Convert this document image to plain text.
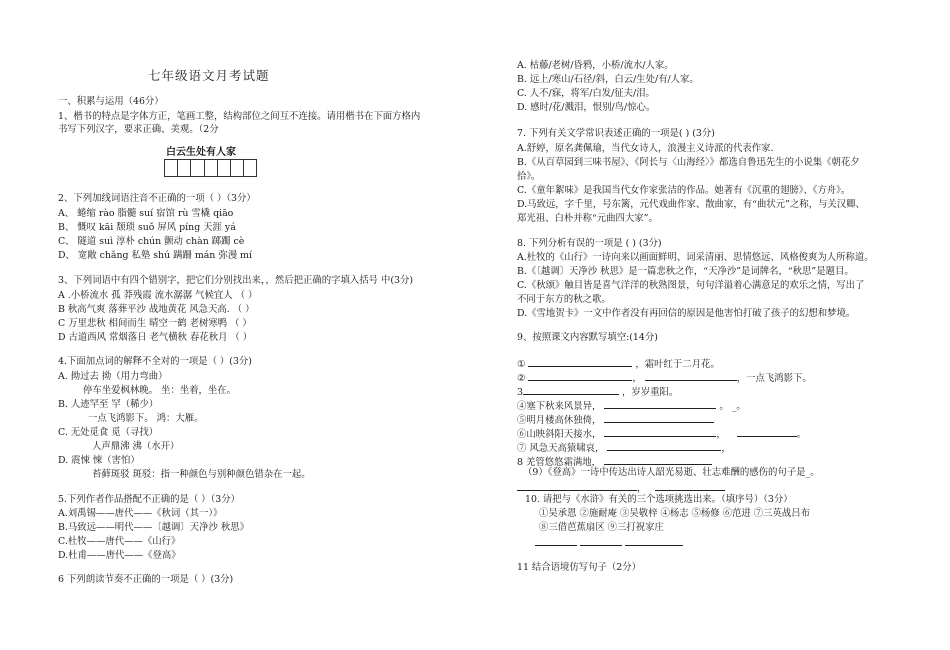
七年级语文月考试题
一、积累与运用（46分）
1、楷书的特点是字体方正，笔画工整，结构部位之间互不连接。请用楷书在下面方格内
书写下列汉字，要求正确、美观。（2分
白云生处有人家
2、下列加线词语注音不正确的一项（ ）（3分）
A、 蜷缩 ràо 脂髓 suí 宿馆 rù 雪橇 qiāo
B、 慨叹 kāi 颓琐 suǒ 屏风 píng 天涯 yá
C、 隧道 suì 淳朴 chún 颤动 chàn 踯躅 cè
D、 宽敞 chǎng 私塾 shú 蹒跚 mán 弥漫 mí
3、下列词语中有四个错别字，把它们分别找出来，，然后把正确的字填入括号 中(3分)
A .小桥流水 孤 莽残霞 流水潺潺 气候宜人 （ ）
B 秋高气爽 落葬平沙 战地黄花 风急天高. （ ）
C 万里悲秋 相间而生 晴空一鹤 老树寒鸭 （ ）
D 古道西风 常烟落日 老气横秋 春花秋月 （ ）
4.下面加点词的解释不全对的一项是（ ）(3分)
A. 拗过去 拗（用力弯曲）
停车坐爱枫林晚。 坐：坐着，坐在。
B. 人迹罕至 罕（稀少）
一点飞鸿影下。 鸿：大雁。
C. 无处觅食 觅（寻找）
人声鼎沸 沸（水开）
D. 震悚 悚（害怕）
苔藓斑驳 斑驳：指一种颜色与别种颜色错杂在一起。
5.下列作者作品搭配不正确的是（ ）（3分）
A.刘禹锡——唐代——《秋词（其一）》
B.马致远——明代——〔越调〕天净沙 秋思》
C.杜牧——唐代——《山行》
D.杜甫——唐代——《登高》
6 下列朗读节奏不正确的一项是（ ）(3分)
A. 枯藤/老树/昏鸦，小桥/流水/人家。
B. 远上/寒山/石径/斜，白云/生处/有/人家。
C. 人不/寐，将军/白发/征夫/泪。
D. 感时/花/溅泪，恨别/鸟/惊心。
7. 下列有关文学常识表述正确的一项是( ) (3分)
A.舒婷，原名龚佩瑜，当代女诗人，浪漫主义诗派的代表作家.
B.《从百草园到三味书屋》、《阿长与〈山海经〉》都选自鲁迅先生的小说集《朝花夕
拾》。
C.《童年絮味》是我国当代女作家张洁的作品。她著有《沉重的翅膀》、《方舟》。
D.马致远，字千里，号东篱，元代戏曲作家、散曲家，有“曲状元”之称，与关汉卿、
郑光祖、白朴并称“元曲四大家”。
8. 下列分析有误的一项是 ( ) (3分)
A.杜牧的《山行》一诗向来以画面鲜明、词采清丽、思情悠远、风格俊爽为人所称道。
B.《〔越调〕天净沙 秋思》是一篇悲秋之作，“天净沙”是词牌名，“秋思”是题目。
C.《秋颂》触目皆是喜气洋洋的秋熟图景，句句洋溢着心满意足的欢乐之情，写出了
不同于东方的秋之歌。
D.《雪地贺卡》一文中作者没有再回信的原因是他害怕打破了孩子的幻想和梦境。
9、按照课文内容默写填空:(14分)
①	，霜叶红于二月花。
②	，	，一点飞鸿影下。
3	，岁岁重阳。
④塞下秋来风景异，	。 _。
⑤明月楼高休独倚，
⑥山映斜阳天接水，	，	。
⑦ 风急天高猿啸哀，	，
8 羌管悠悠霜满地，
（9）《登高》一诗中传达出诗人韶光易逝、壮志难酬的感伤的句子是_。
，
10. 请把与《水浒》有关的三个选项挑选出来。（填序号）（3分）
①吴承恩 ②施耐庵 ③吴敬梓 ④杨志 ⑤杨修 ⑥范进 ⑦三英战吕布
⑧三借芭蕉扇区 ⑨三打祝家庄

11 结合语境仿写句子（2分）
